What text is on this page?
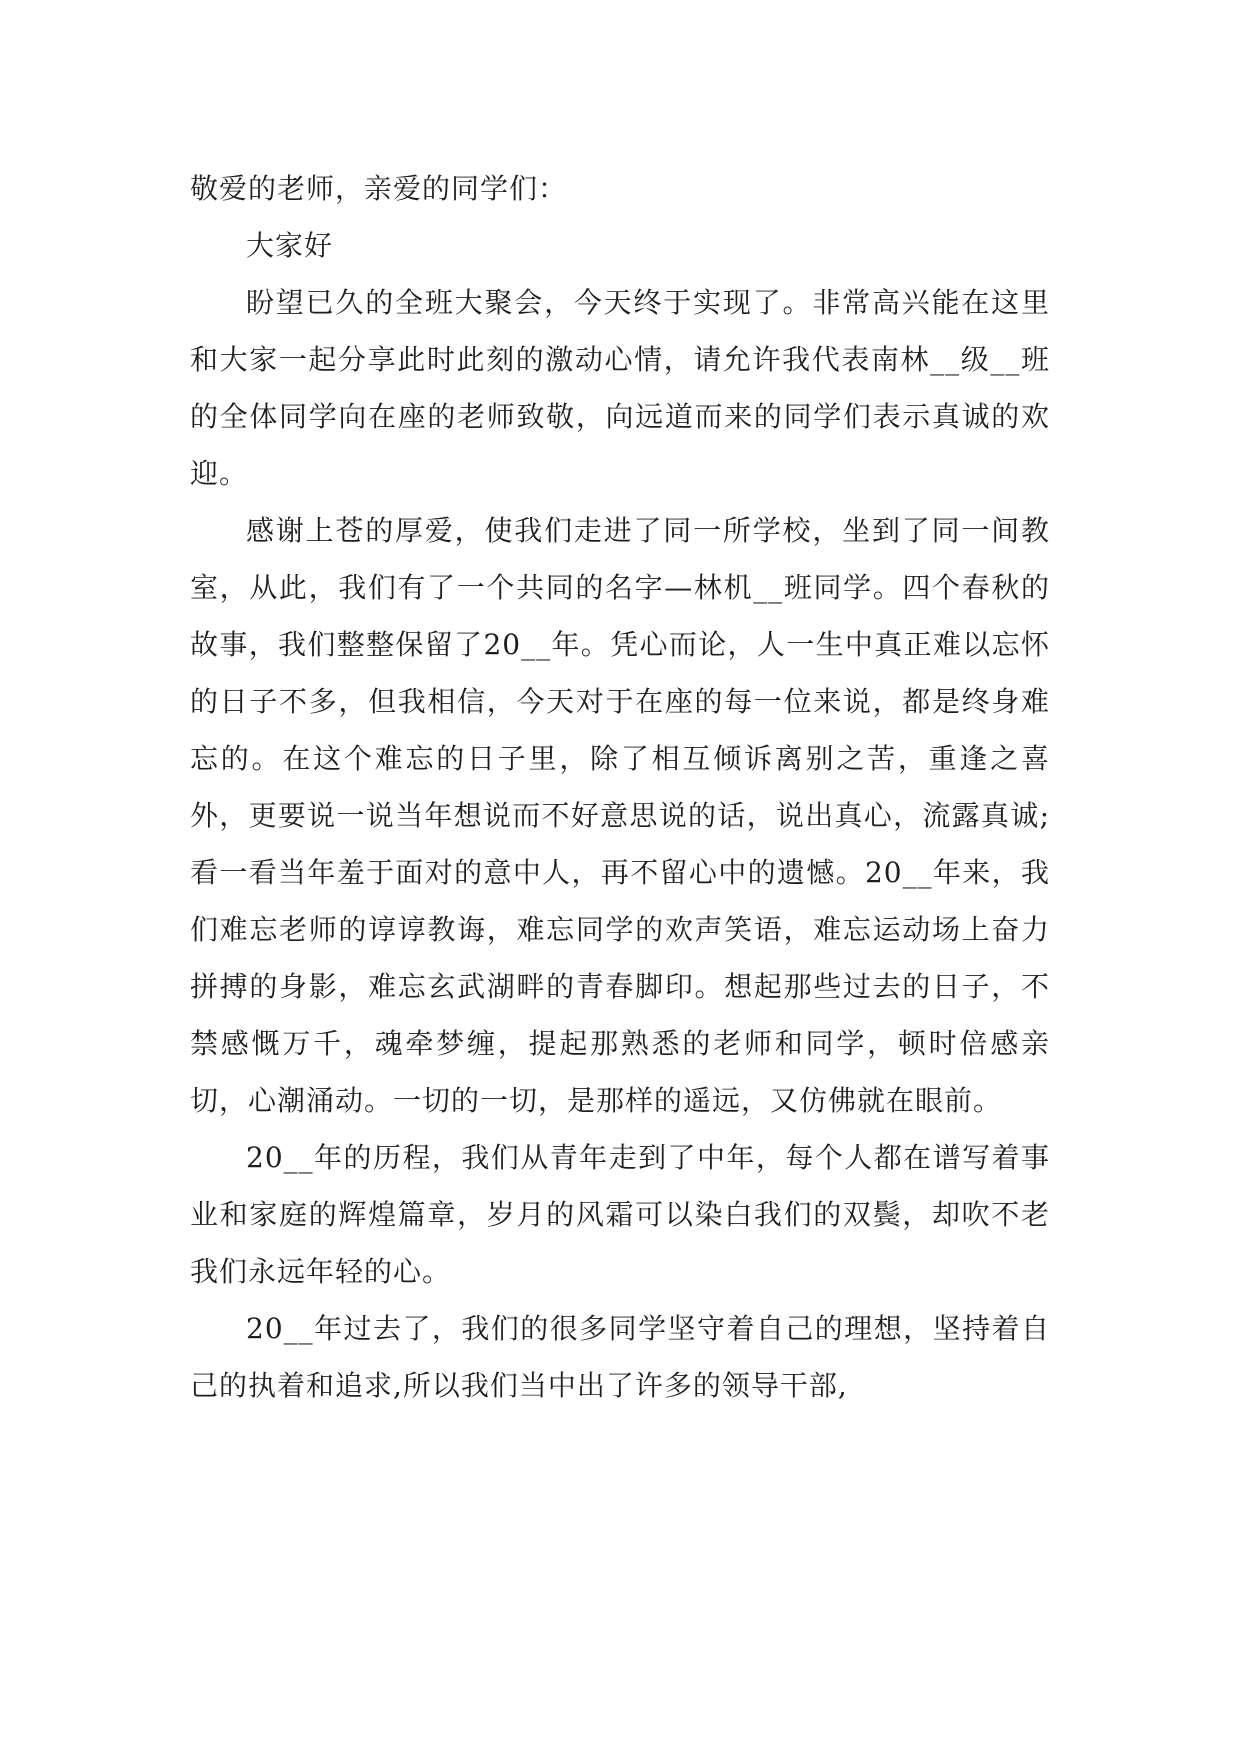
敬爱的老师，亲爱的同学们：

大家好

盼望已久的全班大聚会，今天终于实现了。非常高兴能在这里和大家一起分享此时此刻的激动心情，请允许我代表南林__级__班的全体同学向在座的老师致敬，向远道而来的同学们表示真诚的欢迎。

感谢上苍的厚爱，使我们走进了同一所学校，坐到了同一间教室，从此，我们有了一个共同的名字—林机__班同学。四个春秋的故事，我们整整保留了20__年。凭心而论，人一生中真正难以忘怀的日子不多，但我相信，今天对于在座的每一位来说，都是终身难忘的。在这个难忘的日子里，除了相互倾诉离别之苦，重逢之喜外，更要说一说当年想说而不好意思说的话，说出真心，流露真诚;看一看当年羞于面对的意中人，再不留心中的遗憾。20__年来，我们难忘老师的谆谆教诲，难忘同学的欢声笑语，难忘运动场上奋力拼搏的身影，难忘玄武湖畔的青春脚印。想起那些过去的日子，不禁感慨万千，魂牵梦缠，提起那熟悉的老师和同学，顿时倍感亲切，心潮涌动。一切的一切，是那样的遥远，又仿佛就在眼前。

20__年的历程，我们从青年走到了中年，每个人都在谱写着事业和家庭的辉煌篇章，岁月的风霜可以染白我们的双鬓，却吹不老我们永远年轻的心。

20__年过去了，我们的很多同学坚守着自己的理想，坚持着自己的执着和追求,所以我们当中出了许多的领导干部,
